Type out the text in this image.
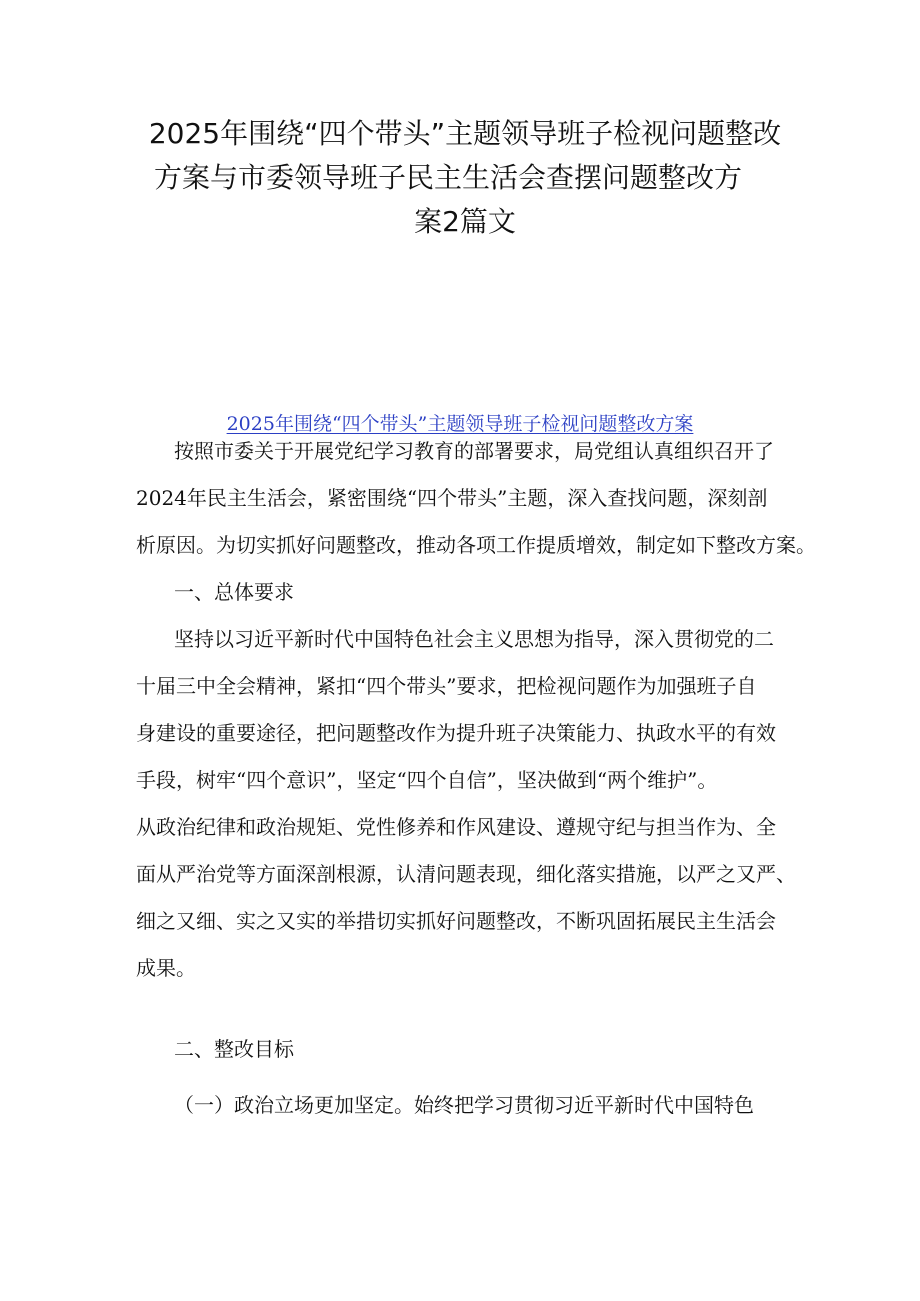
2025年围绕“四个带头”主题领导班子检视问题整改
方案与市委领导班子民主生活会查摆问题整改方
案2篇文
2025年围绕“四个带头”主题领导班子检视问题整改方案

按照市委关于开展党纪学习教育的部署要求，局党组认真组织召开了

2024年民主生活会，紧密围绕“四个带头”主题，深入查找问题，深刻剖

析原因。为切实抓好问题整改，推动各项工作提质增效，制定如下整改方案。

一、总体要求

坚持以习近平新时代中国特色社会主义思想为指导，深入贯彻党的二

十届三中全会精神，紧扣“四个带头”要求，把检视问题作为加强班子自

身建设的重要途径，把问题整改作为提升班子决策能力、执政水平的有效

手段，树牢“四个意识”，坚定“四个自信”，坚决做到“两个维护”。

从政治纪律和政治规矩、党性修养和作风建设、遵规守纪与担当作为、全

面从严治党等方面深剖根源，认清问题表现，细化落实措施，以严之又严、

细之又细、实之又实的举措切实抓好问题整改，不断巩固拓展民主生活会

成果。

二、整改目标

（一）政治立场更加坚定。始终把学习贯彻习近平新时代中国特色
